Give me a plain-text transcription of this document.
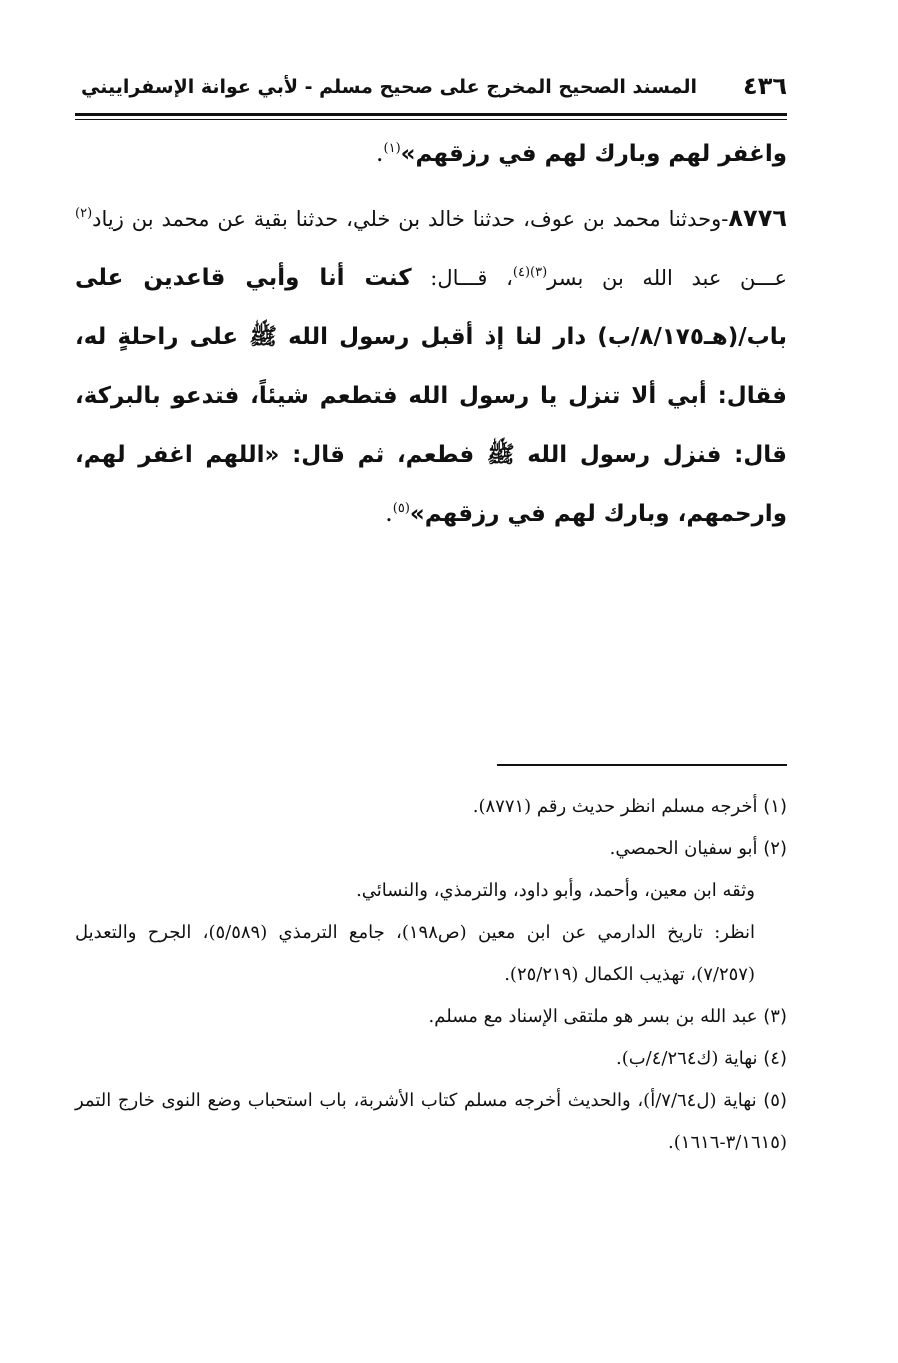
٤٣٦
المسند الصحيح المخرج على صحيح مسلم - لأبي عوانة الإسفراييني

واغفر لهم وبارك لهم في رزقهم»$^{(١)}$.

٨٧٧٦-وحدثنا محمد بن عوف، حدثنا خالد بن خلي، حدثنا بقية عن محمد بن زياد$^{(٢)}$ عـــن عبد الله بن بسر$^{(٣)(٤)}$، قـــال: كنت أنا وأبي قاعدين على باب/(هـ٨/١٧٥/ب) دار لنا إذ أقبل رسول الله ﷺ على راحلةٍ له، فقال: أبي ألا تنزل يا رسول الله فتطعم شيئاً، فتدعو بالبركة، قال: فنزل رسول الله ﷺ فطعم، ثم قال: «اللهم اغفر لهم، وارحمهم، وبارك لهم في رزقهم»$^{(٥)}$.

(١) أخرجه مسلم انظر حديث رقم (٨٧٧١).

(٢) أبو سفيان الحمصي.

وثقه ابن معين، وأحمد، وأبو داود، والترمذي، والنسائي.

انظر: تاريخ الدارمي عن ابن معين (ص١٩٨)، جامع الترمذي (٥/٥٨٩)، الجرح والتعديل (٧/٢٥٧)، تهذيب الكمال (٢٥/٢١٩).

(٣) عبد الله بن بسر هو ملتقى الإسناد مع مسلم.

(٤) نهاية (ك٤/٢٦٤/ب).

(٥) نهاية (ل٧/٦٤/أ)، والحديث أخرجه مسلم كتاب الأشربة، باب استحباب وضع النوى خارج التمر (٣/١٦١٥-١٦١٦).
